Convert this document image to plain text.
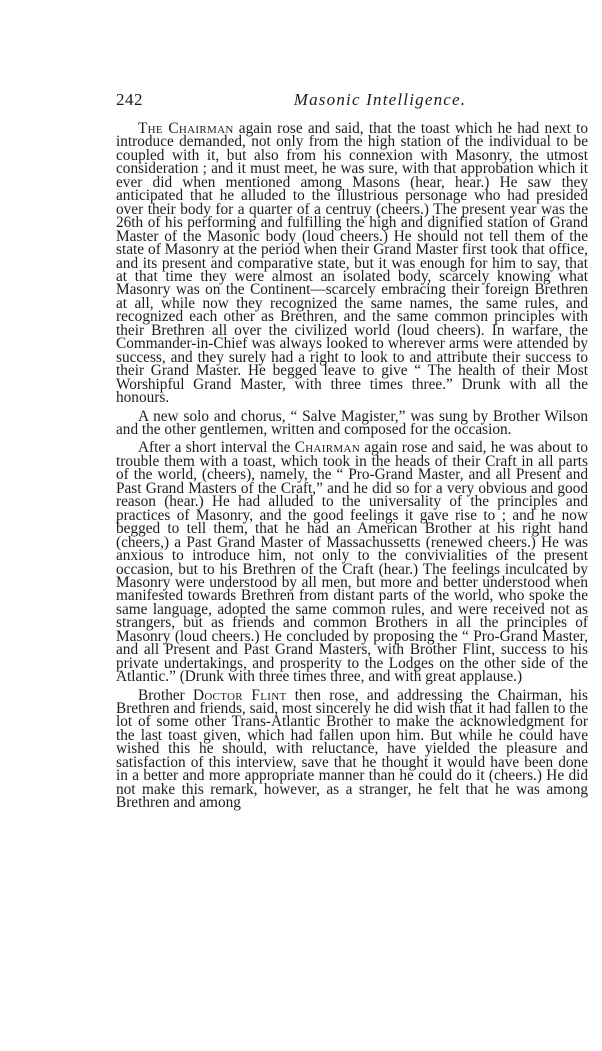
242	Masonic Intelligence.

The Chairman again rose and said, that the toast which he had next to introduce demanded, not only from the high station of the individual to be coupled with it, but also from his connexion with Masonry, the utmost consideration ; and it must meet, he was sure, with that approbation which it ever did when mentioned among Masons (hear, hear.) He saw they anticipated that he alluded to the illustrious personage who had presided over their body for a quarter of a centruy (cheers.) The present year was the 26th of his performing and fulfilling the high and dignified station of Grand Master of the Masonic body (loud cheers.) He should not tell them of the state of Masonry at the period when their Grand Master first took that office, and its present and comparative state, but it was enough for him to say, that at that time they were almost an isolated body, scarcely knowing what Masonry was on the Continent—scarcely embracing their foreign Brethren at all, while now they recognized the same names, the same rules, and recognized each other as Brethren, and the same common principles with their Brethren all over the civilized world (loud cheers). In warfare, the Commander-in-Chief was always looked to wherever arms were attended by success, and they surely had a right to look to and attribute their success to their Grand Master. He begged leave to give “ The health of their Most Worshipful Grand Master, with three times three.” Drunk with all the honours.

A new solo and chorus, “ Salve Magister,” was sung by Brother Wilson and the other gentlemen, written and composed for the occasion.

After a short interval the Chairman again rose and said, he was about to trouble them with a toast, which took in the heads of their Craft in all parts of the world, (cheers), namely, the “ Pro-Grand Master, and all Present and Past Grand Masters of the Craft,” and he did so for a very obvious and good reason (hear.) He had alluded to the universality of the principles and practices of Masonry, and the good feelings it gave rise to ; and he now begged to tell them, that he had an American Brother at his right hand (cheers,) a Past Grand Master of Massachussetts (renewed cheers.) He was anxious to introduce him, not only to the convivialities of the present occasion, but to his Brethren of the Craft (hear.) The feelings inculcated by Masonry were understood by all men, but more and better understood when manifested towards Brethren from distant parts of the world, who spoke the same language, adopted the same common rules, and were received not as strangers, but as friends and common Brothers in all the principles of Masonry (loud cheers.) He concluded by proposing the “ Pro-Grand Master, and all Present and Past Grand Masters, with Brother Flint, success to his private undertakings, and prosperity to the Lodges on the other side of the Atlantic.” (Drunk with three times three, and with great applause.)

Brother Doctor Flint then rose, and addressing the Chairman, his Brethren and friends, said, most sincerely he did wish that it had fallen to the lot of some other Trans-Atlantic Brother to make the acknowledgment for the last toast given, which had fallen upon him. But while he could have wished this he should, with reluctance, have yielded the pleasure and satisfaction of this interview, save that he thought it would have been done in a better and more appropriate manner than he could do it (cheers.) He did not make this remark, however, as a stranger, he felt that he was among Brethren and among
